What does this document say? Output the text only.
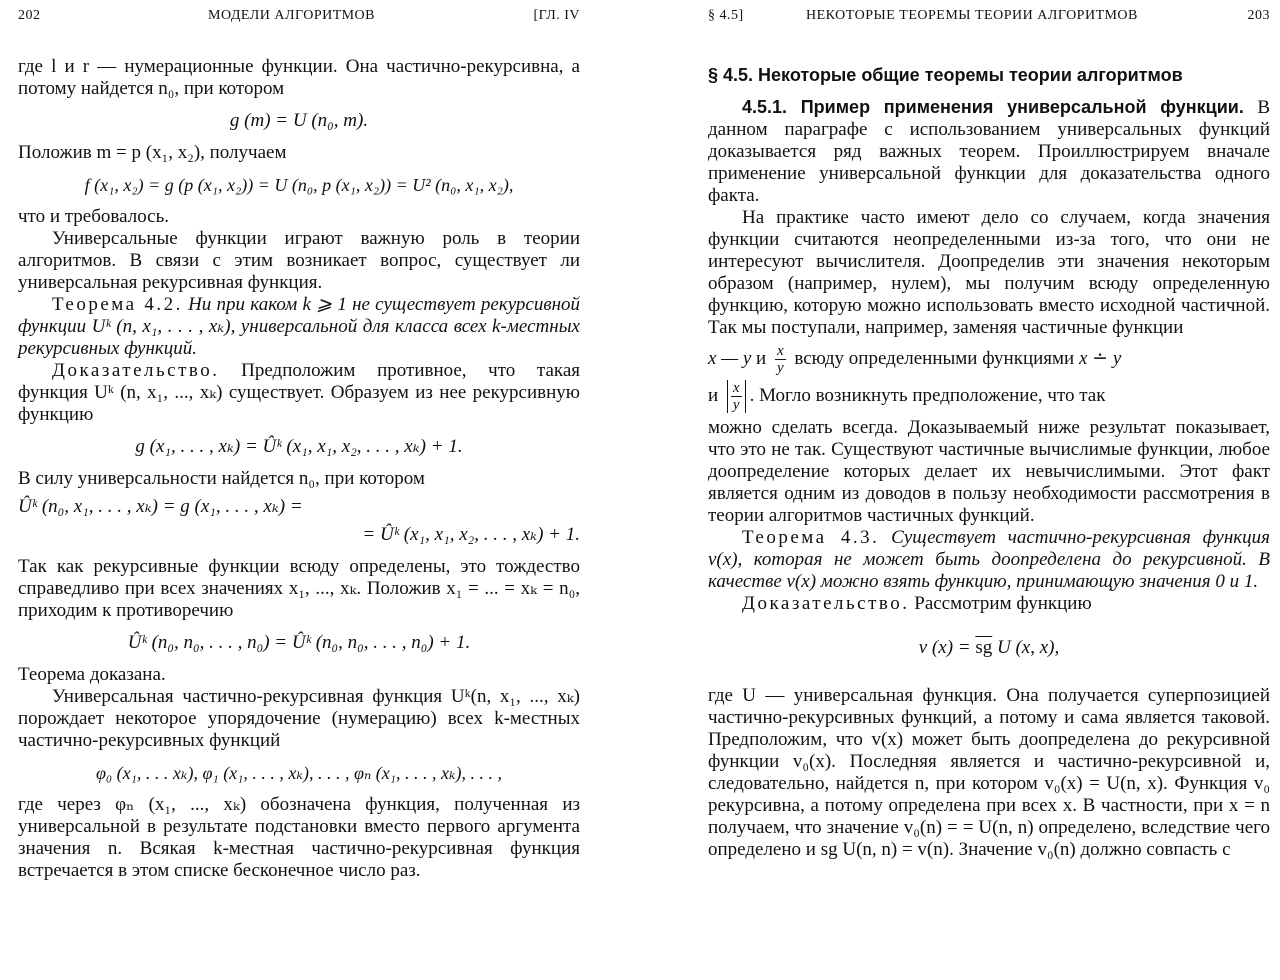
202	МОДЕЛИ АЛГОРИТМОВ	[ГЛ. IV

где l и r — нумерационные функции. Она частично-рекурсивна, а потому найдется n₀, при котором

g (m) = U (n₀, m).

Положив m = p (x₁, x₂), получаем

f (x₁, x₂) = g (p (x₁, x₂)) = U (n₀, p (x₁, x₂)) = U² (n₀, x₁, x₂),

что и требовалось.

Универсальные функции играют важную роль в теории алгоритмов. В связи с этим возникает вопрос, существует ли универсальная рекурсивная функция.

Теорема 4.2. Ни при каком k ⩾ 1 не существует рекурсивной функции Uᵏ (n, x₁, . . . , xₖ), универсальной для класса всех k-местных рекурсивных функций.

Доказательство. Предположим противное, что такая функция Uᵏ (n, x₁, ..., xₖ) существует. Образуем из нее рекурсивную функцию

g (x₁, . . . , xₖ) = Ûᵏ (x₁, x₁, x₂, . . . , xₖ) + 1.

В силу универсальности найдется n₀, при котором

Ûᵏ (n₀, x₁, . . . , xₖ) = g (x₁, . . . , xₖ) =
= Ûᵏ (x₁, x₁, x₂, . . . , xₖ) + 1.

Так как рекурсивные функции всюду определены, это тождество справедливо при всех значениях x₁, ..., xₖ. Положив x₁ = ... = xₖ = n₀, приходим к противоречию

Ûᵏ (n₀, n₀, . . . , n₀) = Ûᵏ (n₀, n₀, . . . , n₀) + 1.

Теорема доказана.

Универсальная частично-рекурсивная функция Uᵏ(n, x₁, ..., xₖ) порождает некоторое упорядочение (нумерацию) всех k-местных частично-рекурсивных функций

φ₀ (x₁, . . . xₖ), φ₁ (x₁, . . . , xₖ), . . . , φₙ (x₁, . . . , xₖ), . . . ,

где через φₙ (x₁, ..., xₖ) обозначена функция, полученная из универсальной в результате подстановки вместо первого аргумента значения n. Всякая k-местная частично-рекурсивная функция встречается в этом списке бесконечное число раз.

§ 4.5]	НЕКОТОРЫЕ ТЕОРЕМЫ ТЕОРИИ АЛГОРИТМОВ	203
§ 4.5. Некоторые общие теоремы теории алгоритмов

4.5.1. Пример применения универсальной функции. В данном параграфе с использованием универсальных функций доказывается ряд важных теорем. Проиллюстрируем вначале применение универсальной функции для доказательства одного факта.

На практике часто имеют дело со случаем, когда значения функции считаются неопределенными из-за того, что они не интересуют вычислителя. Доопределив эти значения некоторым образом (например, нулем), мы получим всюду определенную функцию, которую можно использовать вместо исходной частичной. Так мы поступали, например, заменяя частичные функции

x — y и $\frac{x}{y}$ всюду определенными функциями x ∸ y

и $\frac{x}{y}$ . Могло возникнуть предположение, что так

можно сделать всегда. Доказываемый ниже результат показывает, что это не так. Существуют частичные вычислимые функции, любое доопределение которых делает их невычислимыми. Этот факт является одним из доводов в пользу необходимости рассмотрения в теории алгоритмов частичных функций.

Теорема 4.3. Существует частично-рекурсивная функция v(x), которая не может быть доопределена до рекурсивной. В качестве v(x) можно взять функцию, принимающую значения 0 и 1.

Доказательство. Рассмотрим функцию

v $(x) = \overline{sg}$ U (x, x),

где U — универсальная функция. Она получается суперпозицией частично-рекурсивных функций, а потому и сама является таковой. Предположим, что v(x) может быть доопределена до рекурсивной функции v₀(x). Последняя является и частично-рекурсивной и, следовательно, найдется n, при котором v₀(x) = U(n, x). Функция v₀ рекурсивна, а потому определена при всех x. В частности, при x = n получаем, что значение v₀(n) = = U(n, n) определено, вследствие чего определено и sg U(n, n) = v(n). Значение v₀(n) должно совпасть с
